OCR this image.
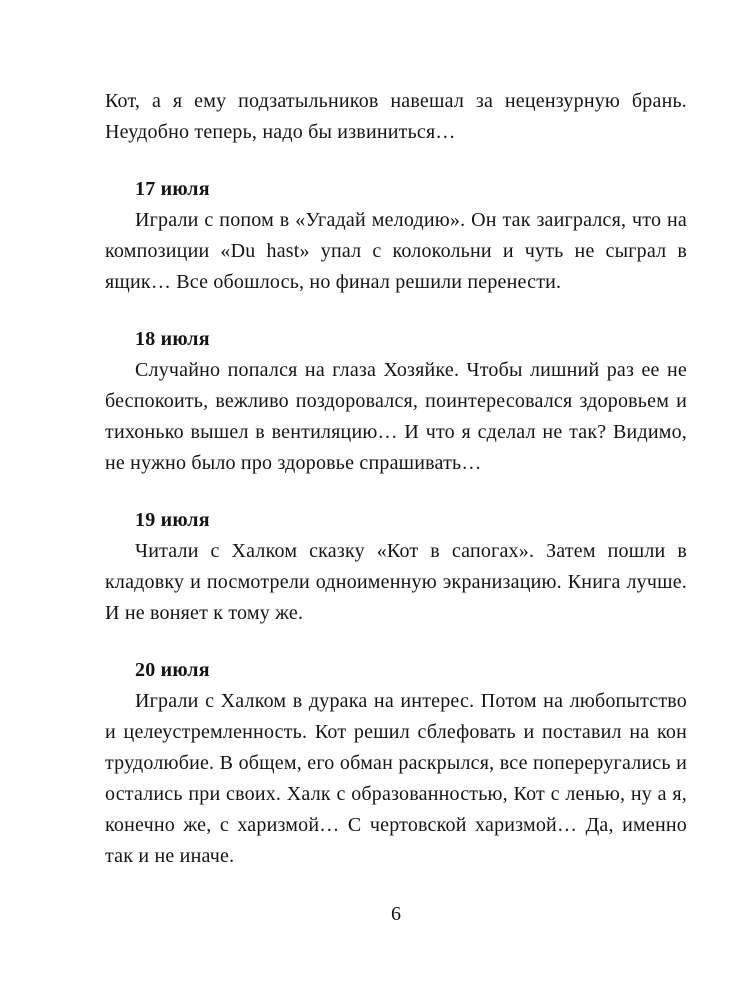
Кот, а я ему подзатыльников навешал за нецензурную брань. Неудобно теперь, надо бы извиниться…

17 июля

Играли с попом в «Угадай мелодию». Он так заигрался, что на композиции «Du hast» упал с колокольни и чуть не сыграл в ящик… Все обошлось, но финал решили перенести.

18 июля

Случайно попался на глаза Хозяйке. Чтобы лишний раз ее не беспокоить, вежливо поздоровался, поинтересовался здоровьем и тихонько вышел в вентиляцию… И что я сделал не так? Видимо, не нужно было про здоровье спрашивать…

19 июля

Читали с Халком сказку «Кот в сапогах». Затем пошли в кладовку и посмотрели одноименную экранизацию. Книга лучше. И не воняет к тому же.

20 июля

Играли с Халком в дурака на интерес. Потом на любопытство и целеустремленность. Кот решил сблефовать и поставил на кон трудолюбие. В общем, его обман раскрылся, все попереругались и остались при своих. Халк с образованностью, Кот с ленью, ну а я, конечно же, с харизмой… С чертовской харизмой… Да, именно так и не иначе.

6
